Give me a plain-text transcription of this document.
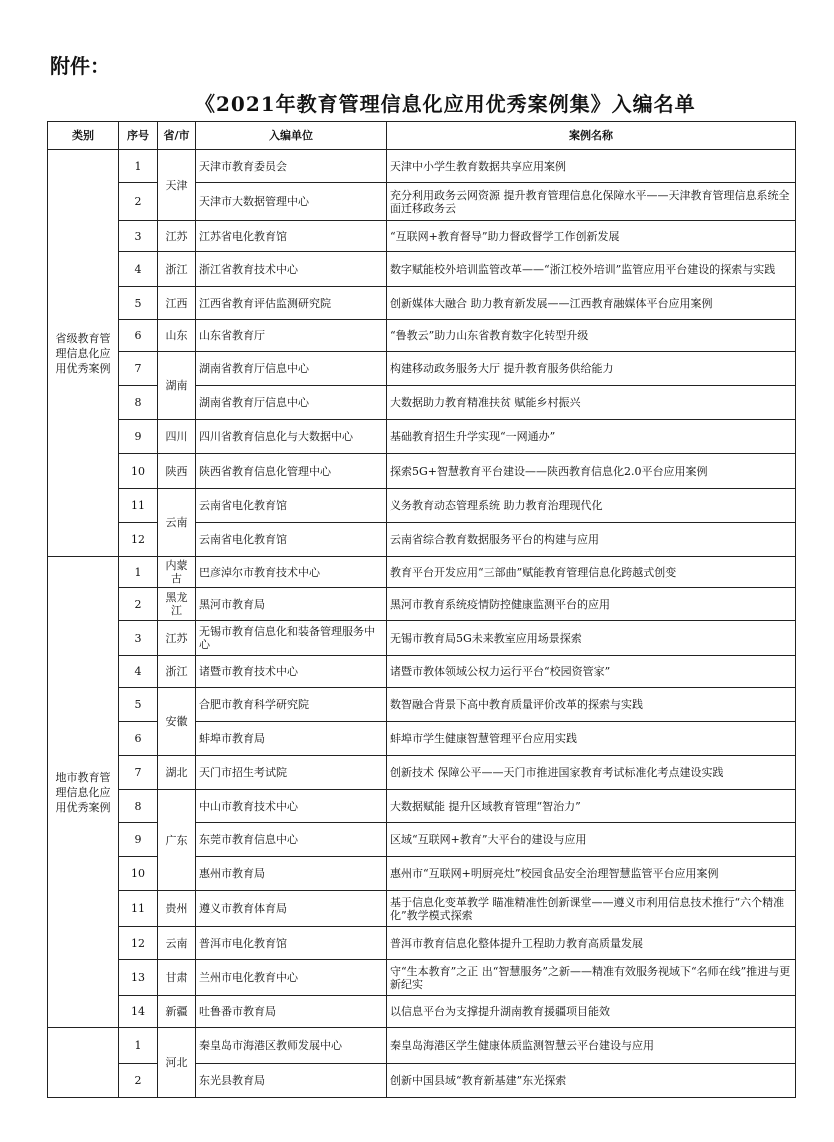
附件：
《2021年教育管理信息化应用优秀案例集》入编名单
类别	序号	省/市	入编单位	案例名称
省级教育管理信息化应用优秀案例	1	天津	天津市教育委员会	天津中小学生教育数据共享应用案例
	2		天津市大数据管理中心	充分利用政务云网资源 提升教育管理信息化保障水平——天津教育管理信息系统全面迁移政务云
	3	江苏	江苏省电化教育馆	“互联网+教育督导”助力督政督学工作创新发展
	4	浙江	浙江省教育技术中心	数字赋能校外培训监管改革——“浙江校外培训”监管应用平台建设的探索与实践
	5	江西	江西省教育评估监测研究院	创新媒体大融合 助力教育新发展——江西教育融媒体平台应用案例
	6	山东	山东省教育厅	“鲁教云”助力山东省教育数字化转型升级
	7	湖南	湖南省教育厅信息中心	构建移动政务服务大厅 提升教育服务供给能力
	8		湖南省教育厅信息中心	大数据助力教育精准扶贫 赋能乡村振兴
	9	四川	四川省教育信息化与大数据中心	基础教育招生升学实现“一网通办”
	10	陕西	陕西省教育信息化管理中心	探索5G+智慧教育平台建设——陕西教育信息化2.0平台应用案例
	11	云南	云南省电化教育馆	义务教育动态管理系统 助力教育治理现代化
	12		云南省电化教育馆	云南省综合教育数据服务平台的构建与应用
地市教育管理信息化应用优秀案例	1	内蒙古	巴彦淖尔市教育技术中心	教育平台开发应用“三部曲”赋能教育管理信息化跨越式创变
	2	黑龙江	黑河市教育局	黑河市教育系统疫情防控健康监测平台的应用
	3	江苏	无锡市教育信息化和装备管理服务中心	无锡市教育局5G未来教室应用场景探索
	4	浙江	诸暨市教育技术中心	诸暨市教体领域公权力运行平台“校园资管家”
	5	安徽	合肥市教育科学研究院	数智融合背景下高中教育质量评价改革的探索与实践
	6		蚌埠市教育局	蚌埠市学生健康智慧管理平台应用实践
	7	湖北	天门市招生考试院	创新技术 保障公平——天门市推进国家教育考试标准化考点建设实践
	8	广东	中山市教育技术中心	大数据赋能 提升区域教育管理“智治力”
	9		东莞市教育信息中心	区域“互联网+教育”大平台的建设与应用
	10		惠州市教育局	惠州市“互联网+明厨亮灶”校园食品安全治理智慧监管平台应用案例
	11	贵州	遵义市教育体育局	基于信息化变革教学 瞄准精准性创新课堂——遵义市利用信息技术推行“六个精准化”教学模式探索
	12	云南	普洱市电化教育馆	普洱市教育信息化整体提升工程助力教育高质量发展
	13	甘肃	兰州市电化教育中心	守“生本教育”之正 出“智慧服务”之新——精准有效服务视域下“名师在线”推进与更新纪实
	14	新疆	吐鲁番市教育局	以信息平台为支撑提升湖南教育援疆项目能效
	1	河北	秦皇岛市海港区教师发展中心	秦皇岛海港区学生健康体质监测智慧云平台建设与应用
	2		东光县教育局	创新中国县域“教育新基建”东光探索
